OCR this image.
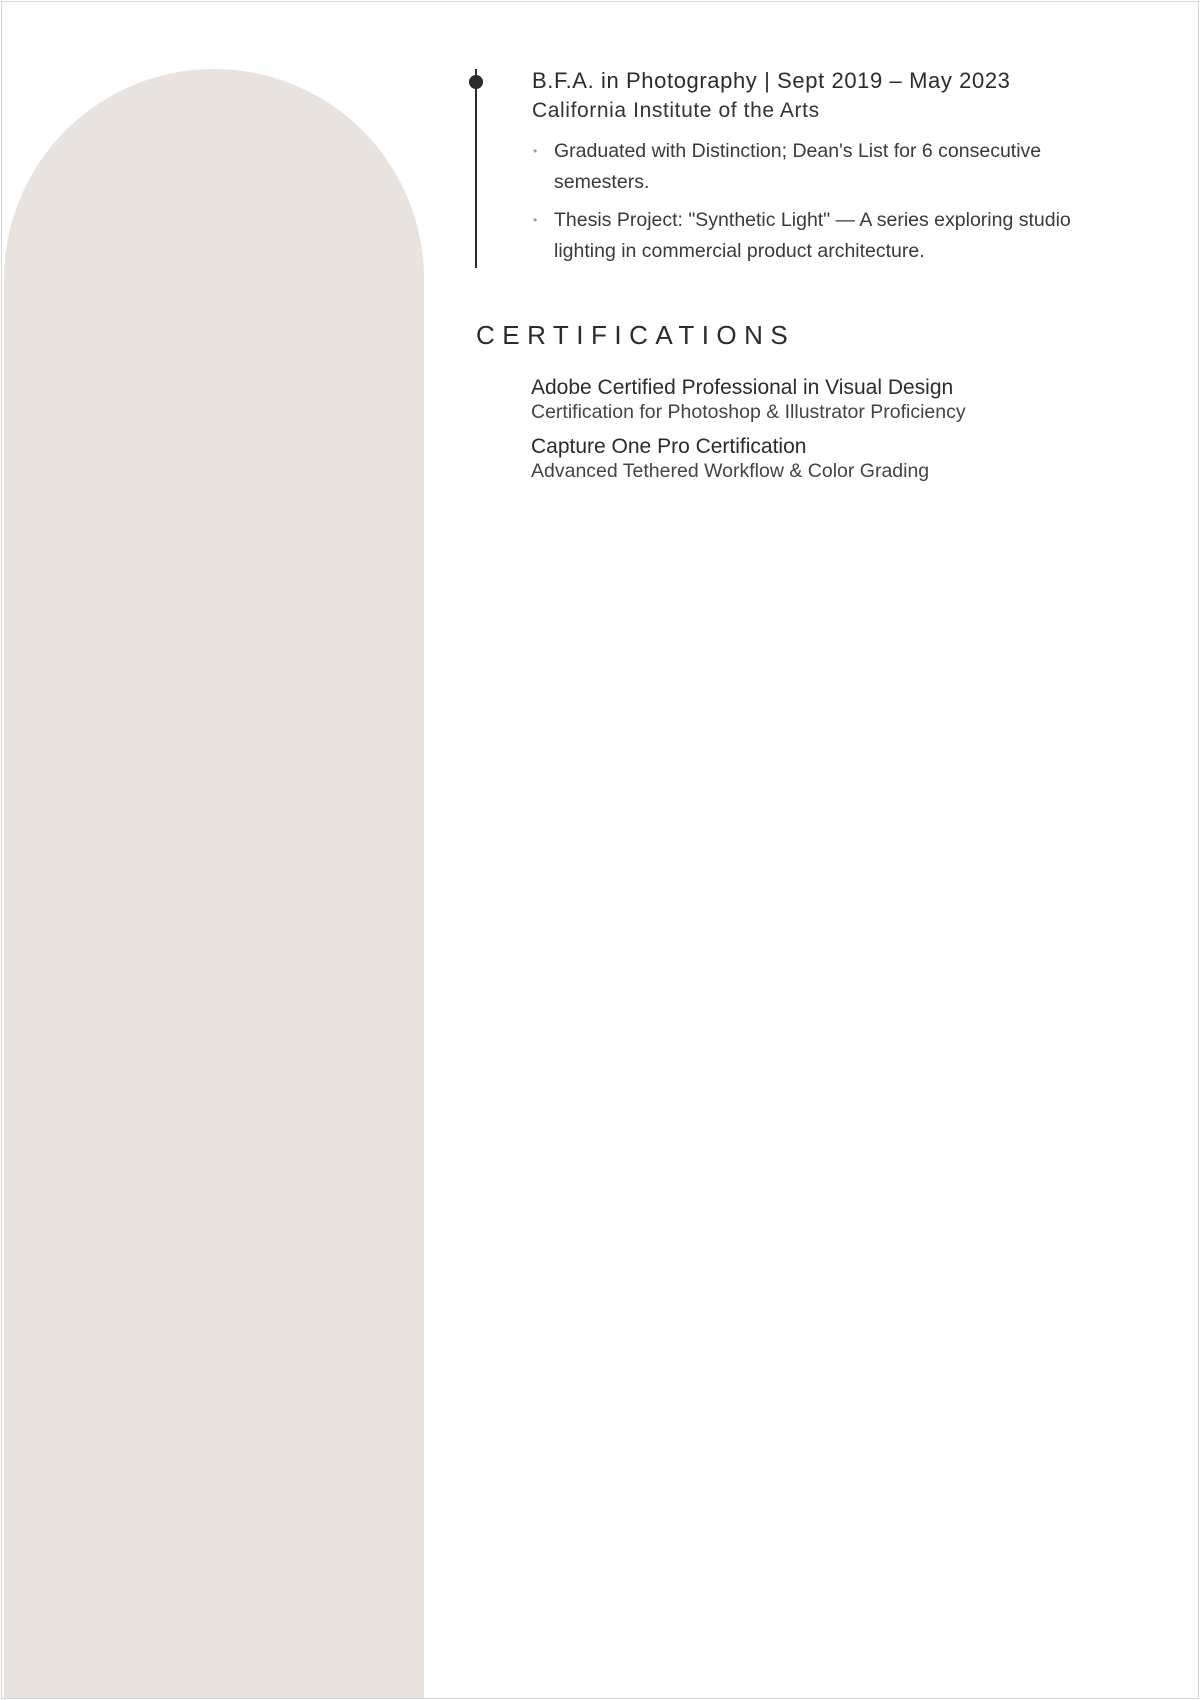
B.F.A. in Photography | Sept 2019 – May 2023
California Institute of the Arts
• Graduated with Distinction; Dean's List for 6 consecutive semesters.
• Thesis Project: "Synthetic Light" — A series exploring studio lighting in commercial product architecture.
CERTIFICATIONS
Adobe Certified Professional in Visual Design
Certification for Photoshop & Illustrator Proficiency
Capture One Pro Certification
Advanced Tethered Workflow & Color Grading
